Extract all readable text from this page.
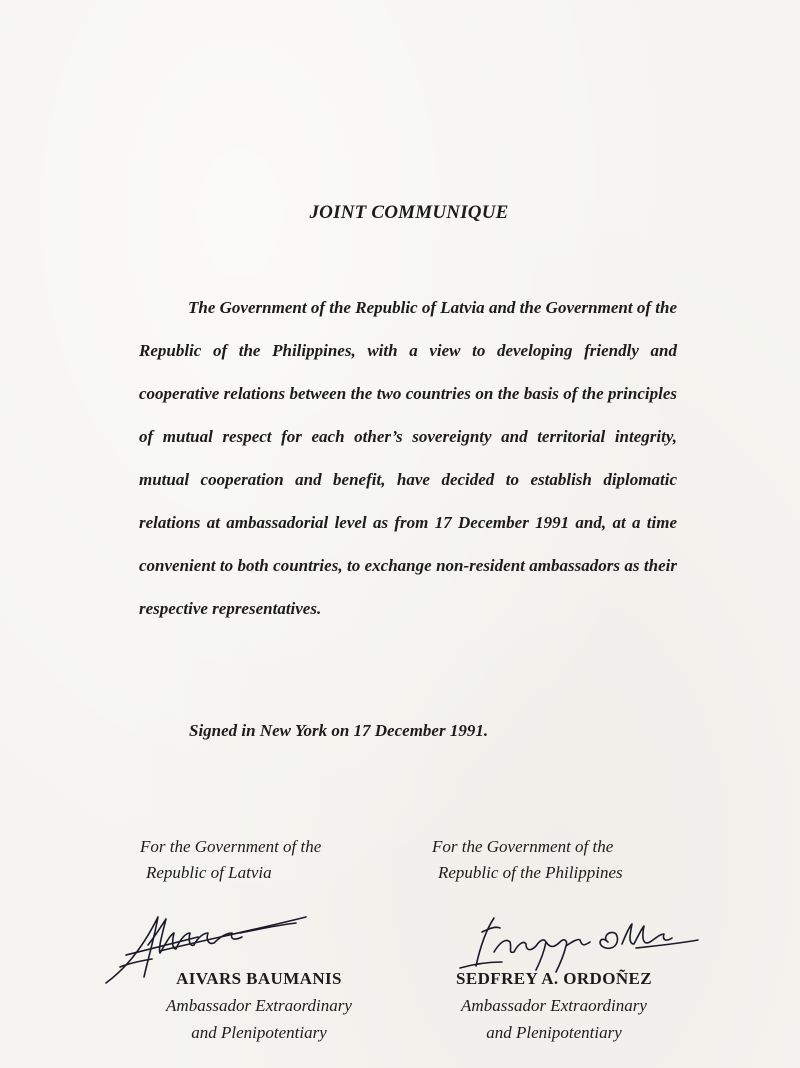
JOINT COMMUNIQUE

The Government of the Republic of Latvia and the Government of the Republic of the Philippines, with a view to developing friendly and cooperative relations between the two countries on the basis of the principles of mutual respect for each other’s sovereignty and territorial integrity, mutual cooperation and benefit, have decided to establish diplomatic relations at ambassadorial level as from 17 December 1991 and, at a time convenient to both countries, to exchange non-resident ambassadors as their respective representatives.

Signed in New York on 17 December 1991.

For the Government of the
Republic of Latvia

For the Government of the
Republic of the Philippines

AIVARS BAUMANIS
Ambassador Extraordinary
and Plenipotentiary

SEDFREY A. ORDOÑEZ
Ambassador Extraordinary
and Plenipotentiary
